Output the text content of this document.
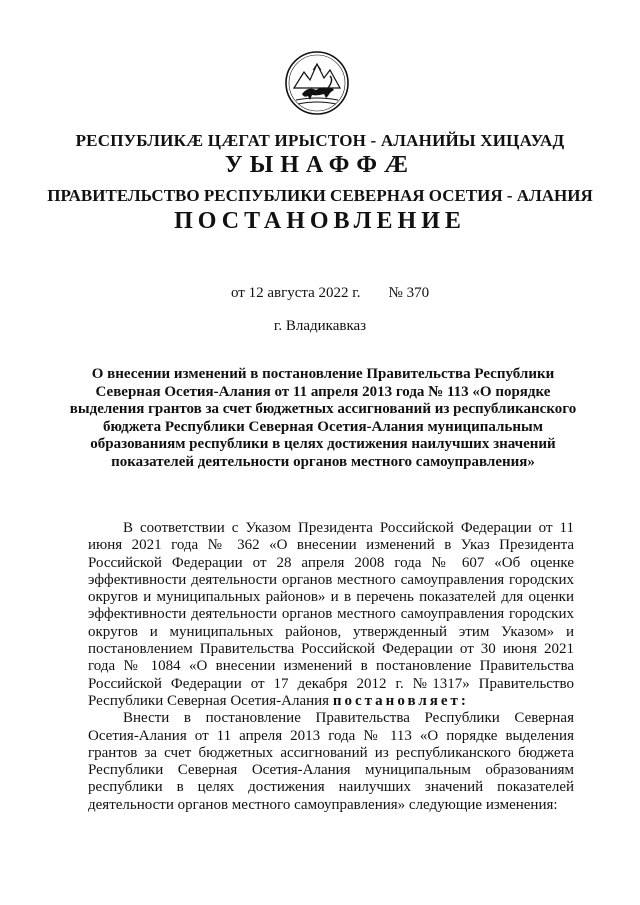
РЕСПУБЛИКӔ ЦӔГАТ ИРЫСТОН - АЛАНИЙЫ ХИЦАУАД
УЫНАФФӔ
ПРАВИТЕЛЬСТВО РЕСПУБЛИКИ СЕВЕРНАЯ ОСЕТИЯ - АЛАНИЯ
ПОСТАНОВЛЕНИЕ
от 12 августа 2022 г. № 370
г. Владикавказ
О внесении изменений в постановление Правительства Республики Северная Осетия-Алания от 11 апреля 2013 года № 113 «О порядке выделения грантов за счет бюджетных ассигнований из республиканского бюджета Республики Северная Осетия-Алания муниципальным образованиям республики в целях достижения наилучших значений показателей деятельности органов местного самоуправления»

В соответствии с Указом Президента Российской Федерации от 11 июня 2021 года № 362 «О внесении изменений в Указ Президента Российской Федерации от 28 апреля 2008 года № 607 «Об оценке эффективности деятельности органов местного самоуправления городских округов и муниципальных районов» и в перечень показателей для оценки эффективности деятельности органов местного самоуправления городских округов и муниципальных районов, утвержденный этим Указом» и постановлением Правительства Российской Федерации от 30 июня 2021 года № 1084 «О внесении изменений в постановление Правительства Российской Федерации от 17 декабря 2012 г. №1317» Правительство Республики Северная Осетия-Алания постановляет:

Внести в постановление Правительства Республики Северная Осетия-Алания от 11 апреля 2013 года № 113 «О порядке выделения грантов за счет бюджетных ассигнований из республиканского бюджета Республики Северная Осетия-Алания муниципальным образованиям республики в целях достижения наилучших значений показателей деятельности органов местного самоуправления» следующие изменения:
